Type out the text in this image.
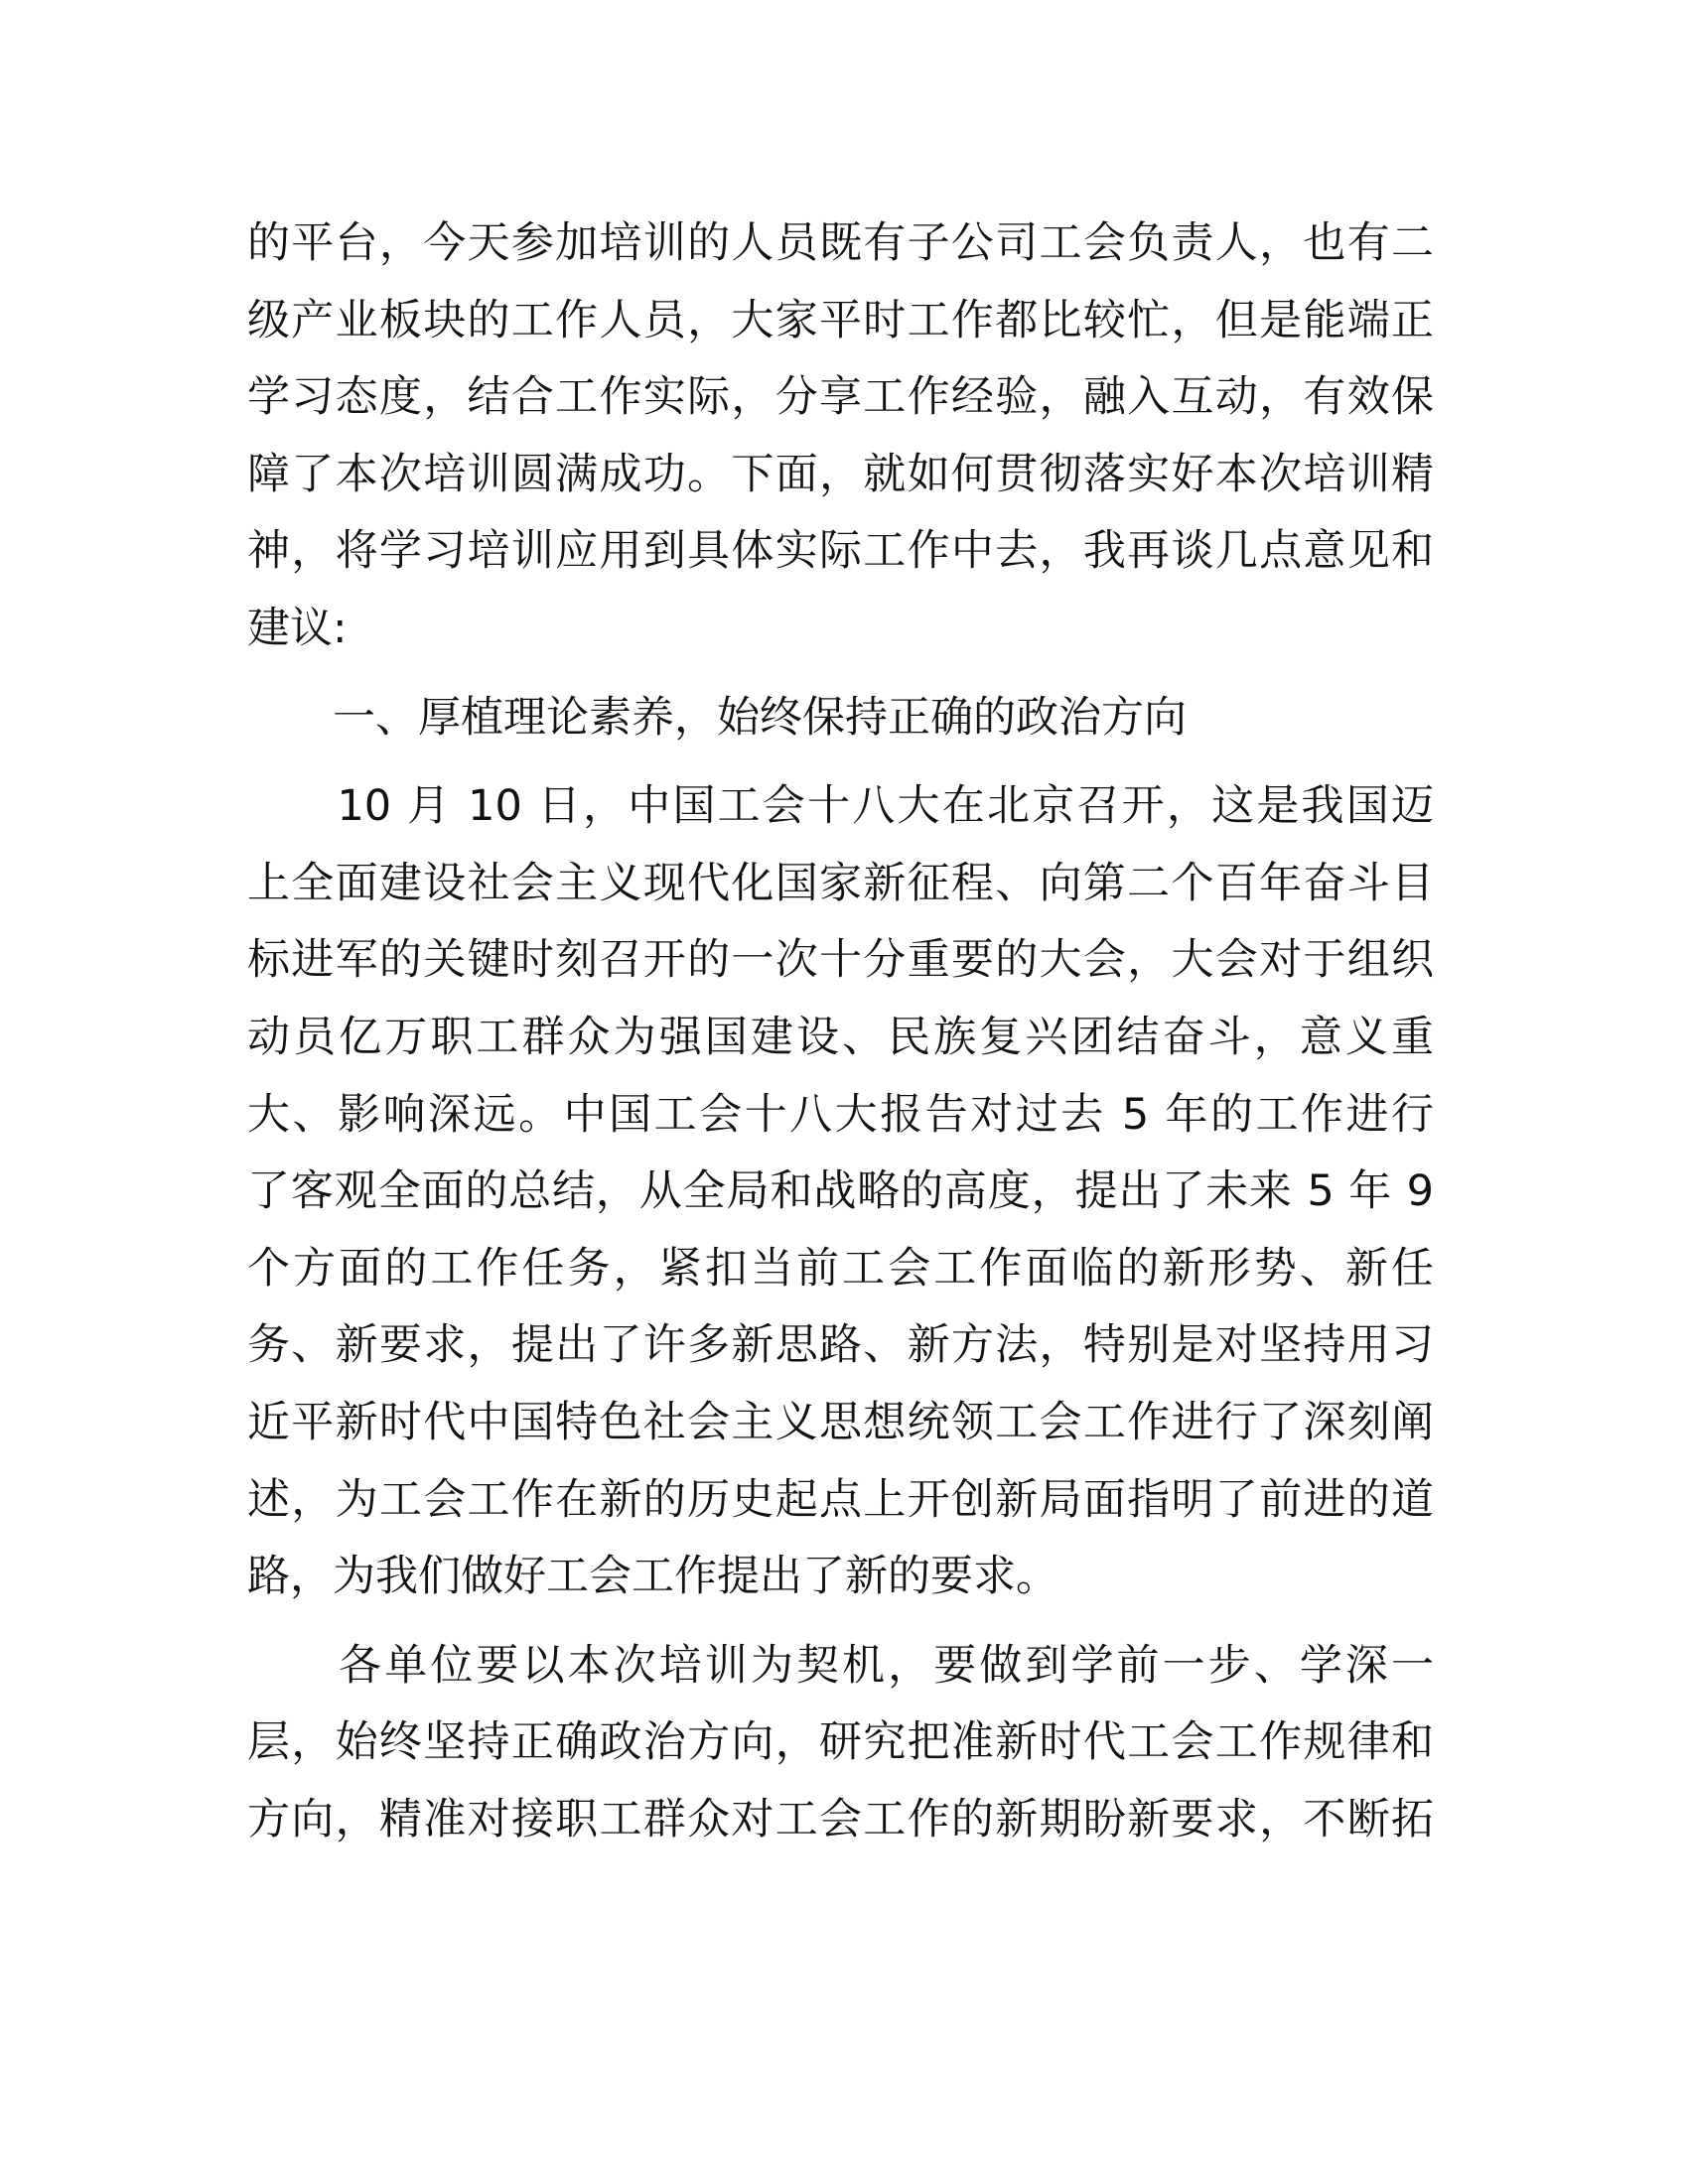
的平台，今天参加培训的人员既有子公司工会负责人，也有二
级产业板块的工作人员，大家平时工作都比较忙，但是能端正
学习态度，结合工作实际，分享工作经验，融入互动，有效保
障了本次培训圆满成功。下面，就如何贯彻落实好本次培训精
神，将学习培训应用到具体实际工作中去，我再谈几点意见和
建议:
　　一、厚植理论素养，始终保持正确的政治方向
　　10 月 10 日，中国工会十八大在北京召开，这是我国迈
上全面建设社会主义现代化国家新征程、向第二个百年奋斗目
标进军的关键时刻召开的一次十分重要的大会，大会对于组织
动员亿万职工群众为强国建设、民族复兴团结奋斗，意义重
大、影响深远。中国工会十八大报告对过去 5 年的工作进行
了客观全面的总结，从全局和战略的高度，提出了未来 5 年 9
个方面的工作任务，紧扣当前工会工作面临的新形势、新任
务、新要求，提出了许多新思路、新方法，特别是对坚持用习
近平新时代中国特色社会主义思想统领工会工作进行了深刻阐
述，为工会工作在新的历史起点上开创新局面指明了前进的道
路，为我们做好工会工作提出了新的要求。
　　各单位要以本次培训为契机，要做到学前一步、学深一
层，始终坚持正确政治方向，研究把准新时代工会工作规律和
方向，精准对接职工群众对工会工作的新期盼新要求，不断拓
